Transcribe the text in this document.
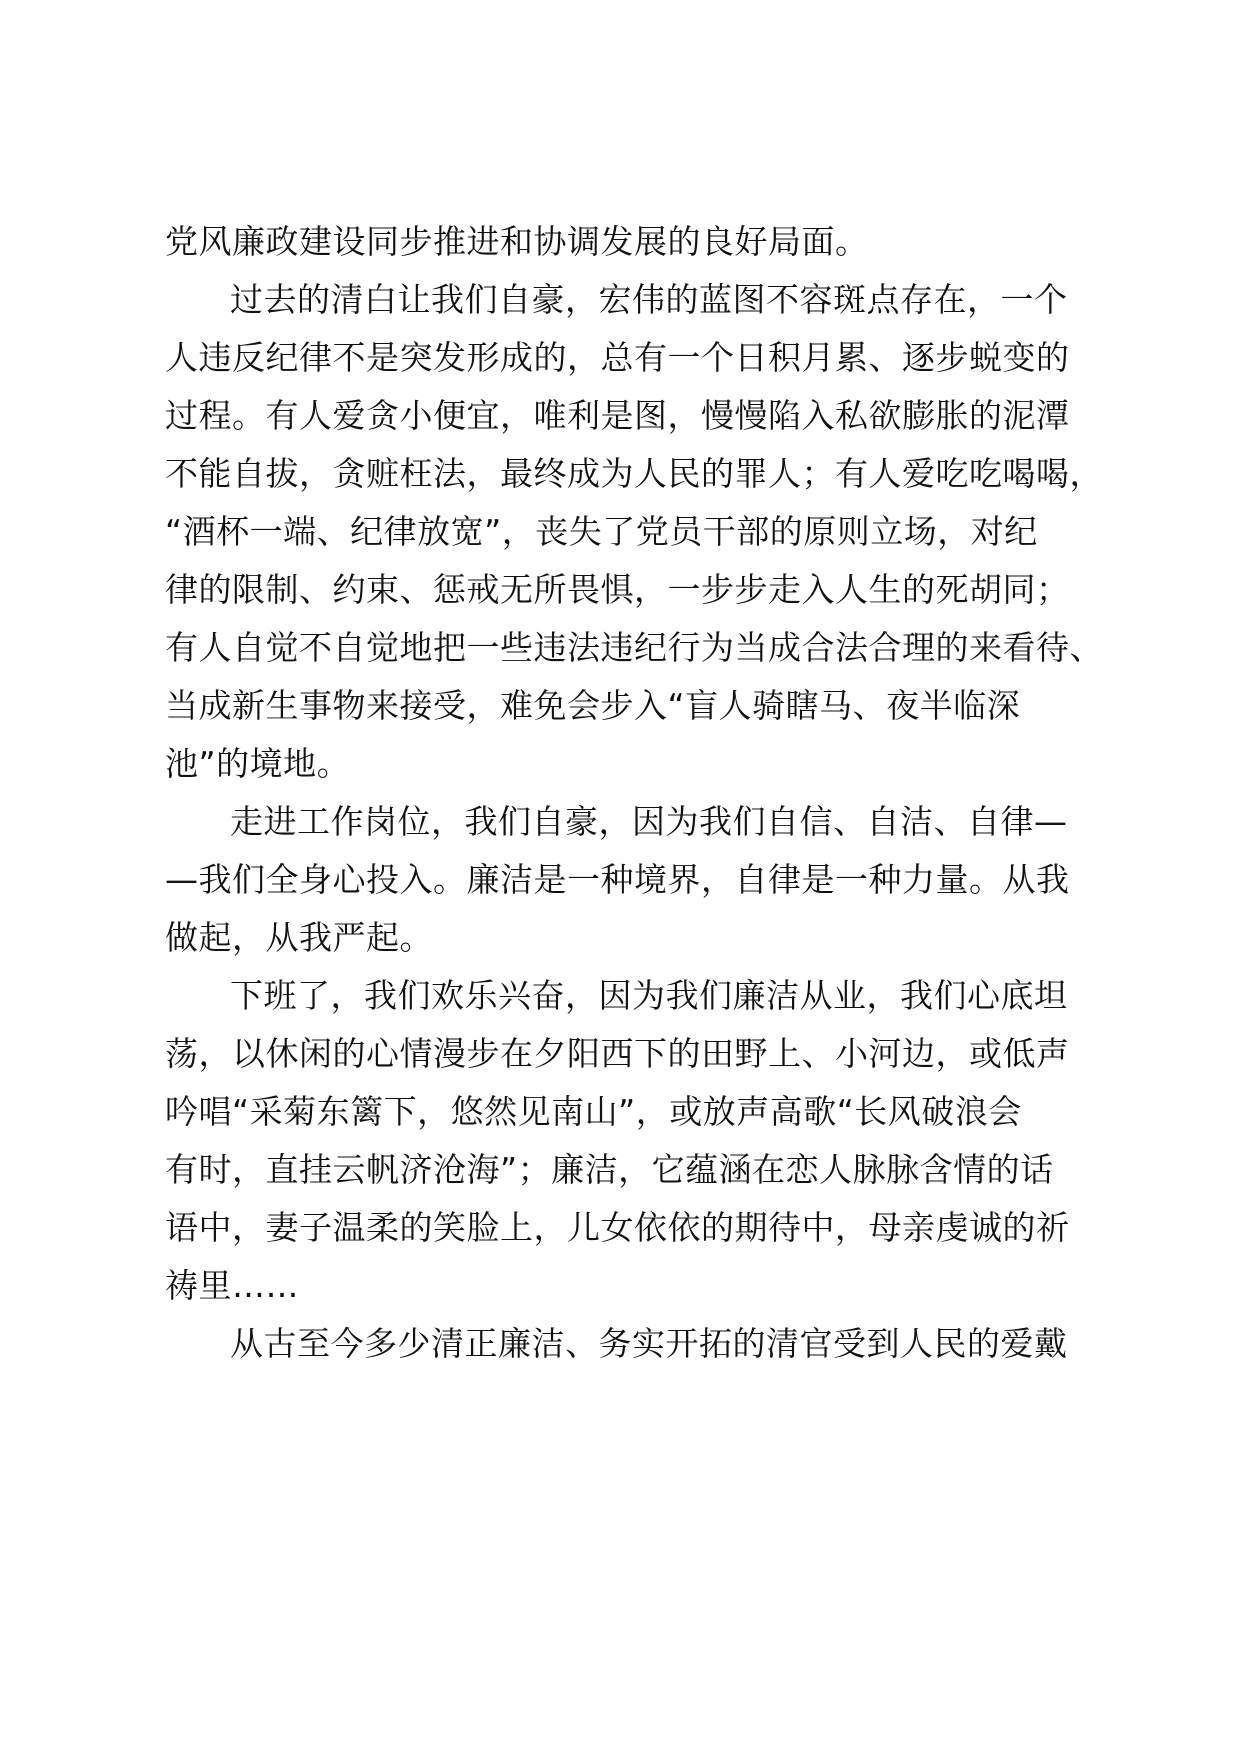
党风廉政建设同步推进和协调发展的良好局面。

过去的清白让我们自豪，宏伟的蓝图不容斑点存在，一个

人违反纪律不是突发形成的，总有一个日积月累、逐步蜕变的

过程。有人爱贪小便宜，唯利是图，慢慢陷入私欲膨胀的泥潭

不能自拔，贪赃枉法，最终成为人民的罪人；有人爱吃吃喝喝，

“酒杯一端、纪律放宽”，丧失了党员干部的原则立场，对纪

律的限制、约束、惩戒无所畏惧，一步步走入人生的死胡同；

有人自觉不自觉地把一些违法违纪行为当成合法合理的来看待、

当成新生事物来接受，难免会步入“盲人骑瞎马、夜半临深

池”的境地。

走进工作岗位，我们自豪，因为我们自信、自洁、自律—

—我们全身心投入。廉洁是一种境界，自律是一种力量。从我

做起，从我严起。

下班了，我们欢乐兴奋，因为我们廉洁从业，我们心底坦

荡，以休闲的心情漫步在夕阳西下的田野上、小河边，或低声

吟唱“采菊东篱下，悠然见南山”，或放声高歌“长风破浪会

有时，直挂云帆济沧海”；廉洁，它蕴涵在恋人脉脉含情的话

语中，妻子温柔的笑脸上，儿女依依的期待中，母亲虔诚的祈

祷里……

从古至今多少清正廉洁、务实开拓的清官受到人民的爱戴
